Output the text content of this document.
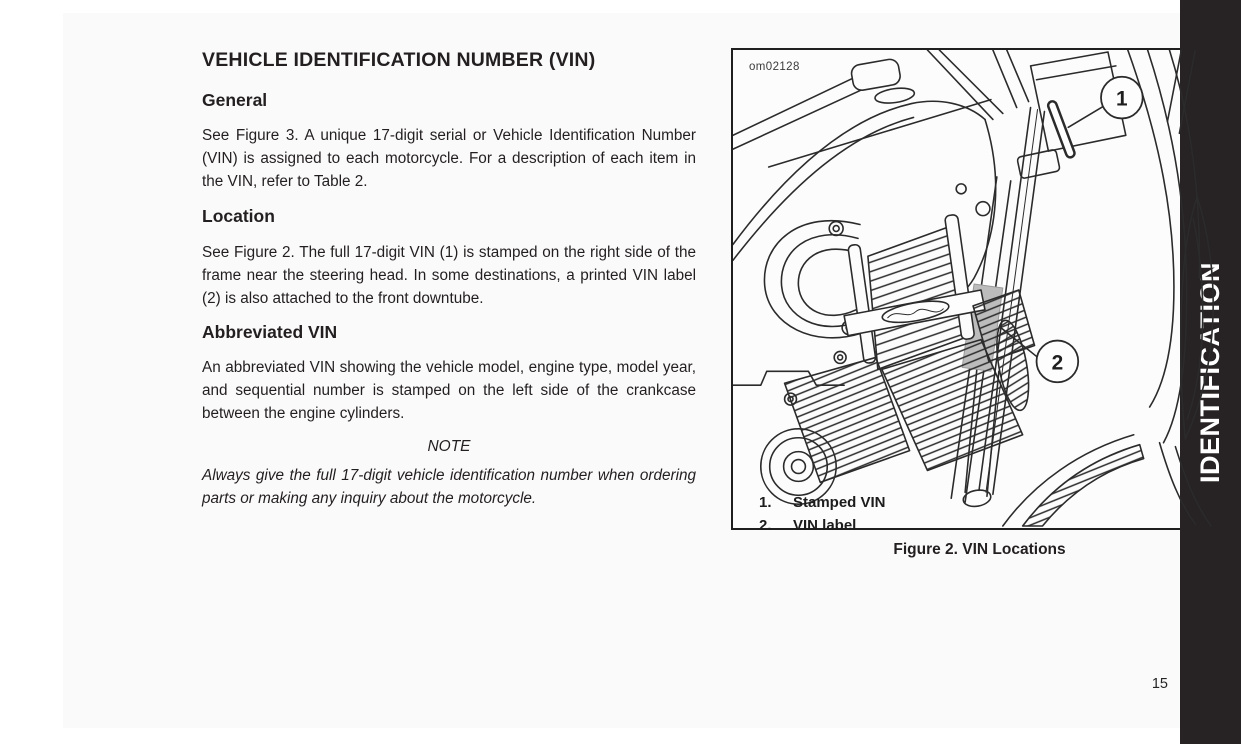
VEHICLE IDENTIFICATION NUMBER (VIN)
General

See Figure 3. A unique 17-digit serial or Vehicle Identification Number (VIN) is assigned to each motorcycle. For a description of each item in the VIN, refer to Table 2.

Location

See Figure 2. The full 17-digit VIN (1) is stamped on the right side of the frame near the steering head. In some destinations, a printed VIN label (2) is also attached to the front downtube.

Abbreviated VIN

An abbreviated VIN showing the vehicle model, engine type, model year, and sequential number is stamped on the left side of the crankcase between the engine cylinders.

NOTE

Always give the full 17-digit vehicle identification number when ordering parts or making any inquiry about the motorcycle.

om02128
1
2
1.	Stamped VIN
2.	VIN label
Figure 2. VIN Locations
IDENTIFICATION
15
